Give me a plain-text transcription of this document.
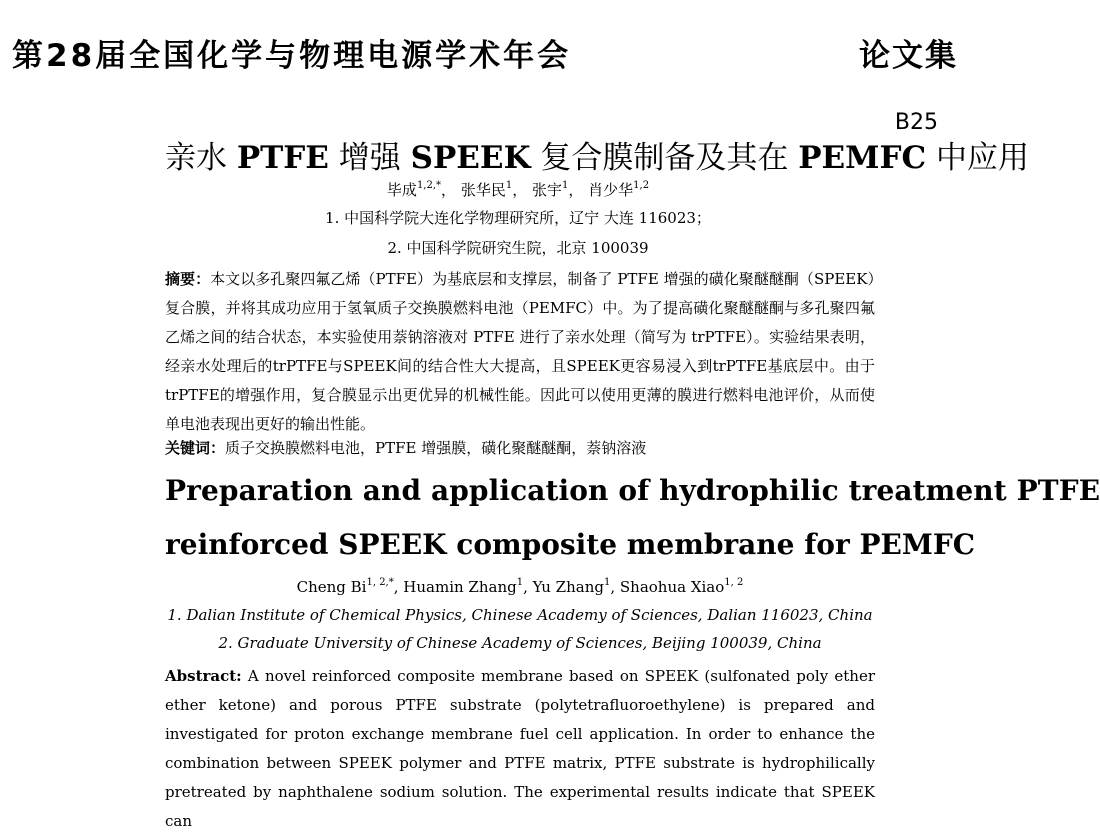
第28届全国化学与物理电源学术年会	论文集
B25
亲水 PTFE 增强 SPEEK 复合膜制备及其在 PEMFC 中应用
毕成$^{1,2,*}$， 张华民$^1$， 张宇$^1$， 肖少华$^{1,2}$
1. 中国科学院大连化学物理研究所，辽宁 大连 116023；
2. 中国科学院研究生院，北京 100039
摘要：本文以多孔聚四氟乙烯（PTFE）为基底层和支撑层，制备了 PTFE 增强的磺化聚醚醚酮（SPEEK）复合膜，并将其成功应用于氢氧质子交换膜燃料电池（PEMFC）中。为了提高磺化聚醚醚酮与多孔聚四氟乙烯之间的结合状态，本实验使用萘钠溶液对 PTFE 进行了亲水处理（简写为 trPTFE）。实验结果表明，经亲水处理后的trPTFE与SPEEK间的结合性大大提高，且SPEEK更容易浸入到trPTFE基底层中。由于trPTFE的增强作用，复合膜显示出更优异的机械性能。因此可以使用更薄的膜进行燃料电池评价，从而使单电池表现出更好的输出性能。
关键词：质子交换膜燃料电池，PTFE 增强膜，磺化聚醚醚酮，萘钠溶液
Preparation and application of hydrophilic treatment PTFE
reinforced SPEEK composite membrane for PEMFC
Cheng $Bi^{1, 2,*}$, Huamin Zhang$^1$, Yu Zhang$^1$, Shaohua Xiao$^{1, 2}$
1. Dalian Institute of Chemical Physics, Chinese Academy of Sciences, Dalian 116023, China
2. Graduate University of Chinese Academy of Sciences, Beijing 100039, China
Abstract: A novel reinforced composite membrane based on SPEEK (sulfonated poly ether ether ketone) and porous PTFE substrate (polytetrafluoroethylene) is prepared and investigated for proton exchange membrane fuel cell application. In order to enhance the combination between SPEEK polymer and PTFE matrix, PTFE substrate is hydrophilically pretreated by naphthalene sodium solution. The experimental results indicate that SPEEK can
